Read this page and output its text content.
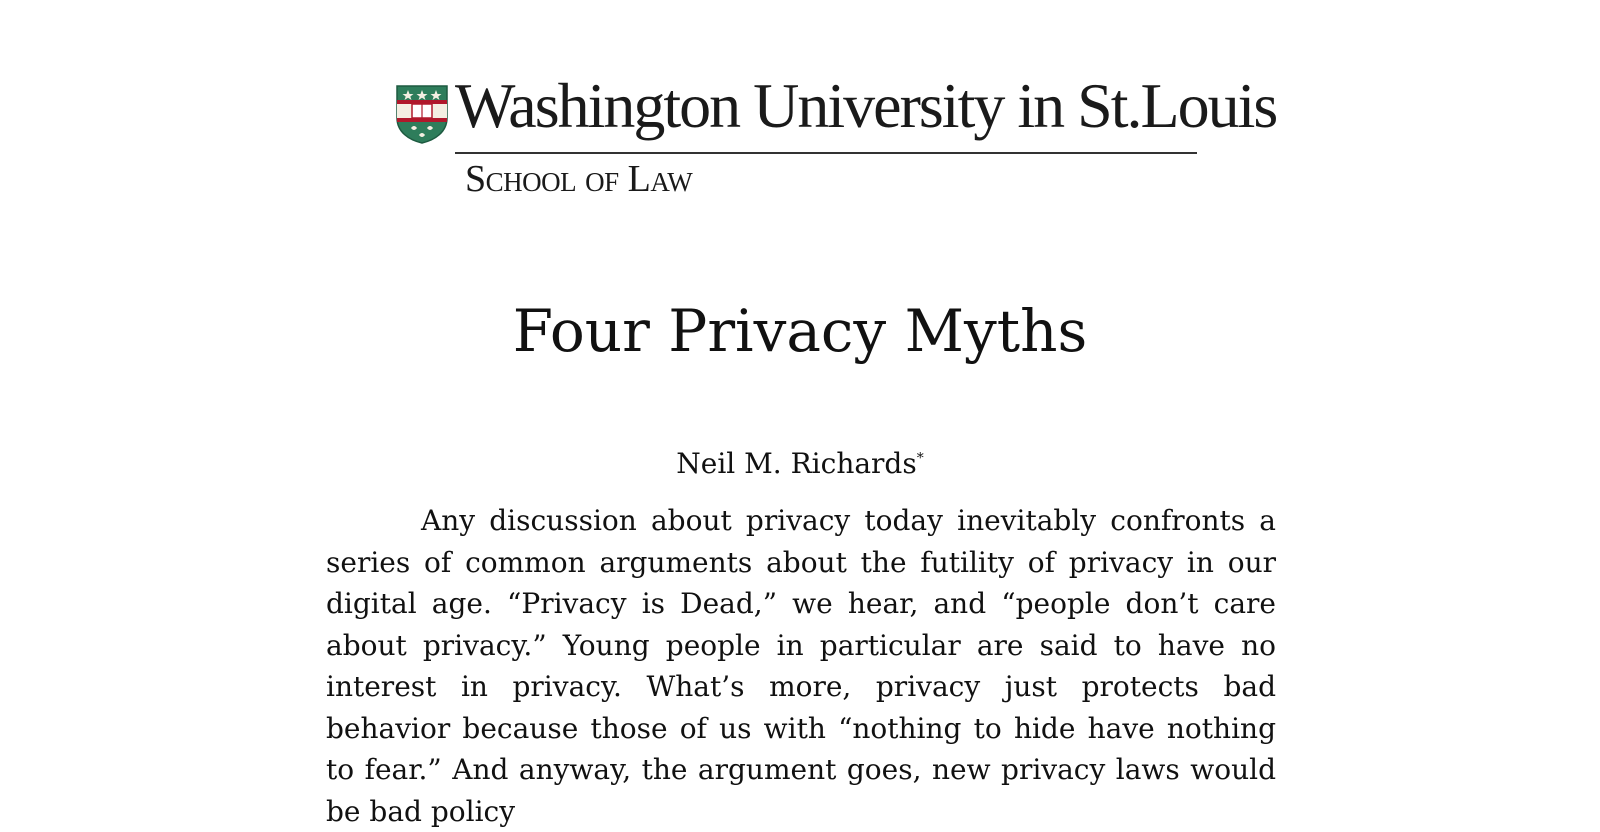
Washington University in St.Louis
School of Law
Four Privacy Myths
Neil M. Richards*

Any discussion about privacy today inevitably confronts a series of common arguments about the futility of privacy in our digital age. “Privacy is Dead,” we hear, and “people don’t care about privacy.” Young people in particular are said to have no interest in privacy. What’s more, privacy just protects bad behavior because those of us with “nothing to hide have nothing to fear.” And anyway, the argument goes, new privacy laws would be bad policy
